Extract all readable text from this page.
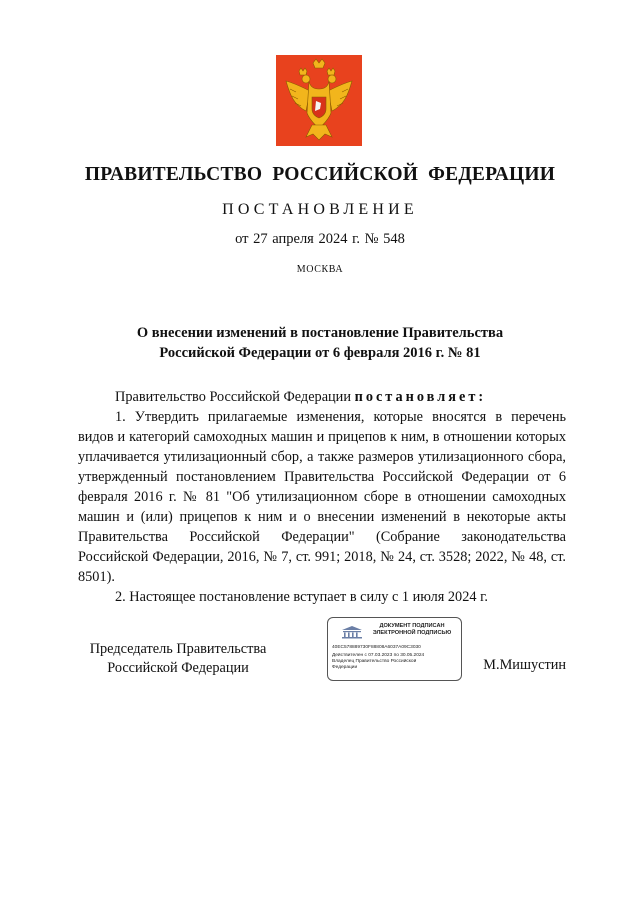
ПРАВИТЕЛЬСТВО РОССИЙСКОЙ ФЕДЕРАЦИИ
ПОСТАНОВЛЕНИЕ
от 27 апреля 2024 г. № 548
МОСКВА
О внесении изменений в постановление Правительства
Российской Федерации от 6 февраля 2016 г. № 81

Правительство Российской Федерации постановляет:

1. Утвердить прилагаемые изменения, которые вносятся в перечень видов и категорий самоходных машин и прицепов к ним, в отношении которых уплачивается утилизационный сбор, а также размеров утилизационного сбора, утвержденный постановлением Правительства Российской Федерации от 6 февраля 2016 г. № 81 "Об утилизационном сборе в отношении самоходных машин и (или) прицепов к ним и о внесении изменений в некоторые акты Правительства Российской Федерации" (Собрание законодательства Российской Федерации, 2016, № 7, ст. 991; 2018, № 24, ст. 3528; 2022, № 48, ст. 8501).

2. Настоящее постановление вступает в силу с 1 июля 2024 г.

Председатель Правительства
Российской Федерации
ДОКУМЕНТ ПОДПИСАН
ЭЛЕКТРОННОЙ ПОДПИСЬЮ
40EC578889730F88808A6037A09C3030
Действителен с 07.03.2023 по 30.05.2024
Владелец Правительство Российской
Федерации	М.Мишустин
